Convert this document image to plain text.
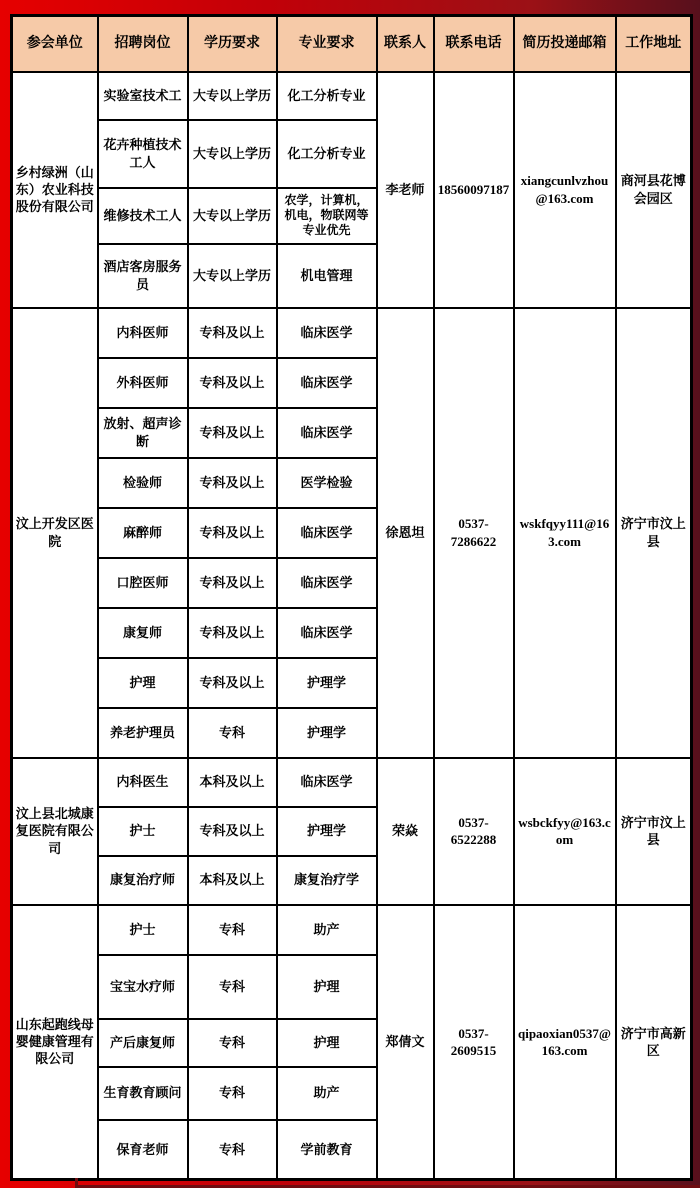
参会单位	招聘岗位	学历要求	专业要求	联系人	联系电话	简历投递邮箱	工作地址
乡村绿洲（山东）农业科技股份有限公司	实验室技术工	大专以上学历	化工分析专业	李老师	18560097187	xiangcunlvzhou@163.com	商河县花博会园区
	花卉种植技术工人	大专以上学历	化工分析专业				
	维修技术工人	大专以上学历	农学，计算机，机电，物联网等专业优先				
	酒店客房服务员	大专以上学历	机电管理				
汶上开发区医院	内科医师	专科及以上	临床医学	徐恩坦	0537-7286622	wskfqyy111@163.com	济宁市汶上县
	外科医师	专科及以上	临床医学				
	放射、超声诊断	专科及以上	临床医学				
	检验师	专科及以上	医学检验				
	麻醉师	专科及以上	临床医学				
	口腔医师	专科及以上	临床医学				
	康复师	专科及以上	临床医学				
	护理	专科及以上	护理学				
	养老护理员	专科	护理学				
汶上县北城康复医院有限公司	内科医生	本科及以上	临床医学	荣焱	0537-6522288	wsbckfyy@163.com	济宁市汶上县
	护士	专科及以上	护理学				
	康复治疗师	本科及以上	康复治疗学				
山东起跑线母婴健康管理有限公司	护士	专科	助产	郑倩文	0537-2609515	qipaoxian0537@163.com	济宁市高新区
	宝宝水疗师	专科	护理				
	产后康复师	专科	护理				
	生育教育顾问	专科	助产				
	保育老师	专科	学前教育				
